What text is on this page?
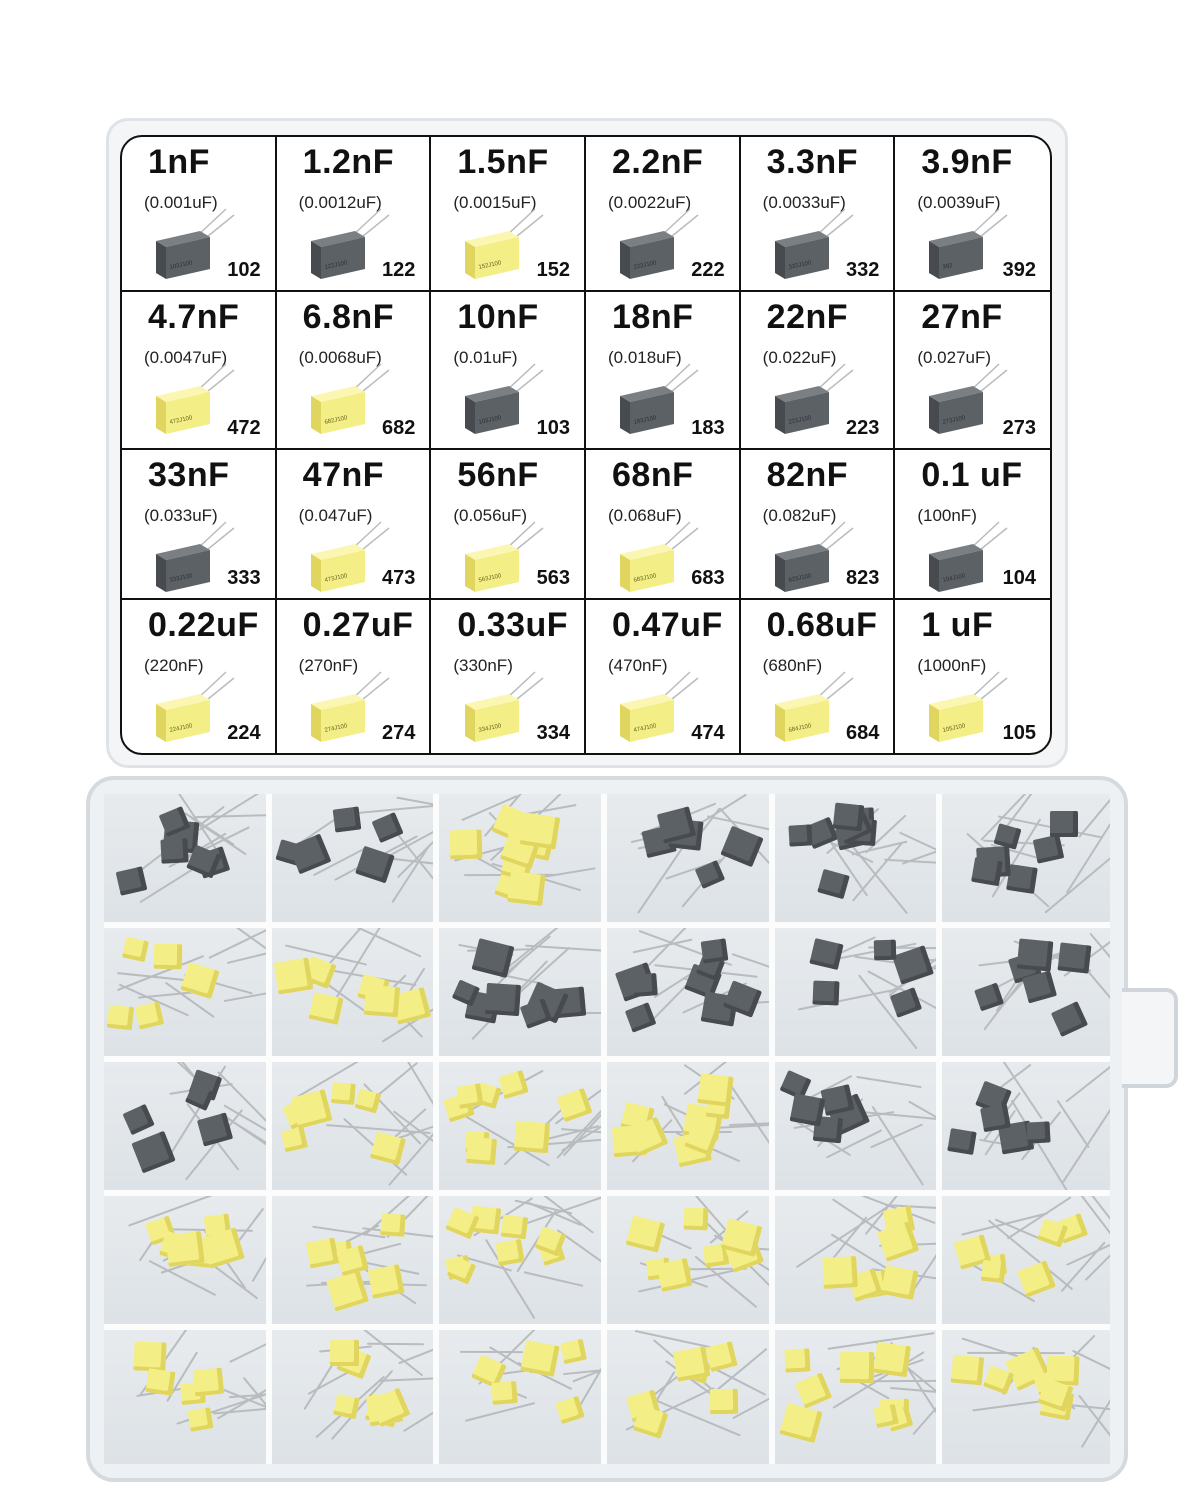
1nF
(0.001uF)
102J100 102
1.2nF
(0.0012uF)
122J100 122
1.5nF
(0.0015uF)
152J100 152
2.2nF
(0.0022uF)
222J100 222
3.3nF
(0.0033uF)
332J100 332
3.9nF
(0.0039uF)
392 392
4.7nF
(0.0047uF)
472J100 472
6.8nF
(0.0068uF)
682J100 682
10nF
(0.01uF)
103J100 103
18nF
(0.018uF)
183J100 183
22nF
(0.022uF)
223J100 223
27nF
(0.027uF)
273J100 273
33nF
(0.033uF)
333J100 333
47nF
(0.047uF)
473J100 473
56nF
(0.056uF)
563J100 563
68nF
(0.068uF)
683J100 683
82nF
(0.082uF)
823J100 823
0.1 uF
(100nF)
104J100 104
0.22uF
(220nF)
224J100 224
0.27uF
(270nF)
274J100 274
0.33uF
(330nF)
334J100 334
0.47uF
(470nF)
474J100 474
0.68uF
(680nF)
684J100 684
1 uF
(1000nF)
105J100 105
